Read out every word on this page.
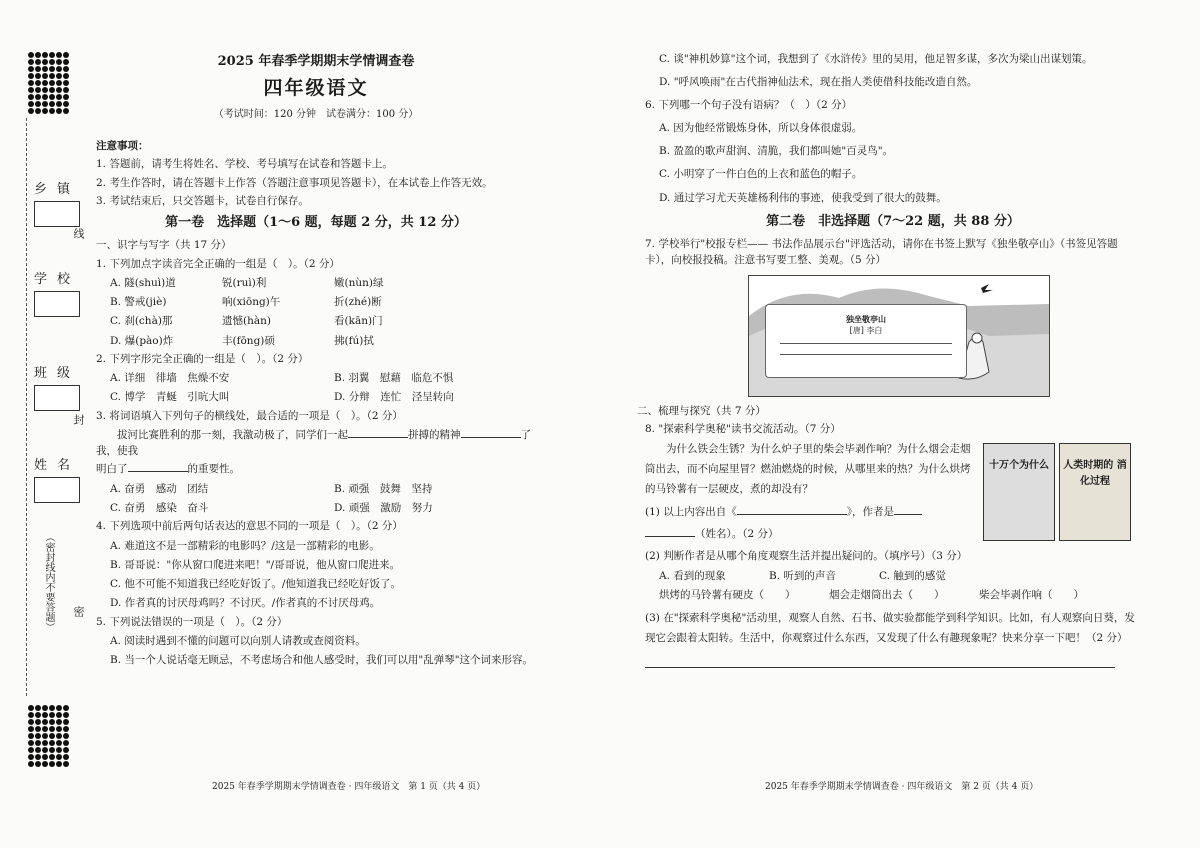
乡镇
学校
班级
姓名
（密封线内不要答题）
线
封
密
2025 年春季学期期末学情调查卷
四年级语文
（考试时间：120 分钟　试卷满分：100 分）
注意事项：
1. 答题前，请考生将姓名、学校、考号填写在试卷和答题卡上。
2. 考生作答时，请在答题卡上作答（答题注意事项见答题卡），在本试卷上作答无效。
3. 考试结束后，只交答题卡，试卷自行保存。
第一卷　选择题（1～6 题，每题 2 分，共 12 分）
一、识字与写字（共 17 分）
1. 下列加点字读音完全正确的一组是（　）。（2 分）
A. 隧(shuì)道	锐(ruì)利	嫩(nùn)绿
B. 警戒(jiè)	响(xiōng)午	折(zhé)断
C. 刹(chà)那	遗憾(hàn)	看(kān)门
D. 爆(pào)炸	丰(fōng)硕	拂(fú)拭
2. 下列字形完全正确的一组是（　）。（2 分）
A. 详细　徘墙　焦燥不安	B. 羽翼　慰藉　临危不惧
C. 博学　青蜒　引吭大叫	D. 分辩　连忙　泾呈转向
3. 将词语填入下列句子的横线处，最合适的一项是（　）。（2 分）
拔河比赛胜利的那一刻，我激动极了，同学们一起	拼搏的精神	了我，使我
明白了	的重要性。
A. 奋勇　感动　团结	B. 顽强　鼓舞　坚持
C. 奋勇　感染　奋斗	D. 顽强　激励　努力
4. 下列选项中前后两句话表达的意思不同的一项是（　）。（2 分）
A. 难道这不是一部精彩的电影吗？/这是一部精彩的电影。
B. 哥哥说："你从窗口爬进来吧！"/哥哥说，他从窗口爬进来。
C. 他不可能不知道我已经吃好饭了。/他知道我已经吃好饭了。
D. 作者真的讨厌母鸡吗？不讨厌。/作者真的不讨厌母鸡。
5. 下列说法错误的一项是（　）。（2 分）
A. 阅读时遇到不懂的问题可以向别人请教或查阅资料。
B. 当一个人说话毫无顾忌，不考虑场合和他人感受时，我们可以用"乱弹琴"这个词来形容。
2025 年春季学期期末学情调查卷 · 四年级语文　第 1 页（共 4 页）
C. 谈"神机妙算"这个词，我想到了《水浒传》里的吴用，他足智多谋，多次为梁山出谋划策。
D. "呼风唤雨"在古代指神仙法术，现在指人类使借科技能改造自然。
6. 下列哪一个句子没有语病？（　）（2 分）
A. 因为他经常锻炼身体，所以身体很虚弱。
B. 盈盈的歌声甜润、清脆，我们都叫她"百灵鸟"。
C. 小明穿了一件白色的上衣和蓝色的帽子。
D. 通过学习尤天英雄杨利伟的事迹，使我受到了很大的鼓舞。
第二卷　非选择题（7～22 题，共 88 分）
7. 学校举行"校报专栏—— 书法作品展示台"评选活动，请你在书签上默写《独坐敬亭山》（书签见答题卡），向校报投稿。注意书写要工整、美观。（5 分）
独坐敬亭山
[唐] 李白
二、梳理与探究（共 7 分）
8. "探索科学奥秘"读书交流活动。（7 分）
为什么铁会生锈？为什么炉子里的柴会毕剥作响？为什么烟会走烟筒出去，而不向屋里冒？燃油燃烧的时候，从哪里来的热？为什么烘烤的马铃薯有一层硬皮，煮的却没有？
(1) 以上内容出自《	》，作者是
（姓名）。（2 分）
十万个为什么	人类时期的 消化过程
(2) 判断作者是从哪个角度观察生活并提出疑问的。（填序号）（3 分）
A. 看到的现象	B. 听到的声音	C. 触到的感觉
烘烤的马铃薯有硬皮（　　）	烟会走烟筒出去（　　）	柴会毕剥作响（　　）
(3) 在"探索科学奥秘"活动里，观察人自然、石书、做实验都能学到科学知识。比如，有人观察向日葵，发现它会跟着太阳转。生活中，你观察过什么东西，又发现了什么有趣现象呢？快来分享一下吧！（2 分）
2025 年春季学期期末学情调查卷 · 四年级语文　第 2 页（共 4 页）
